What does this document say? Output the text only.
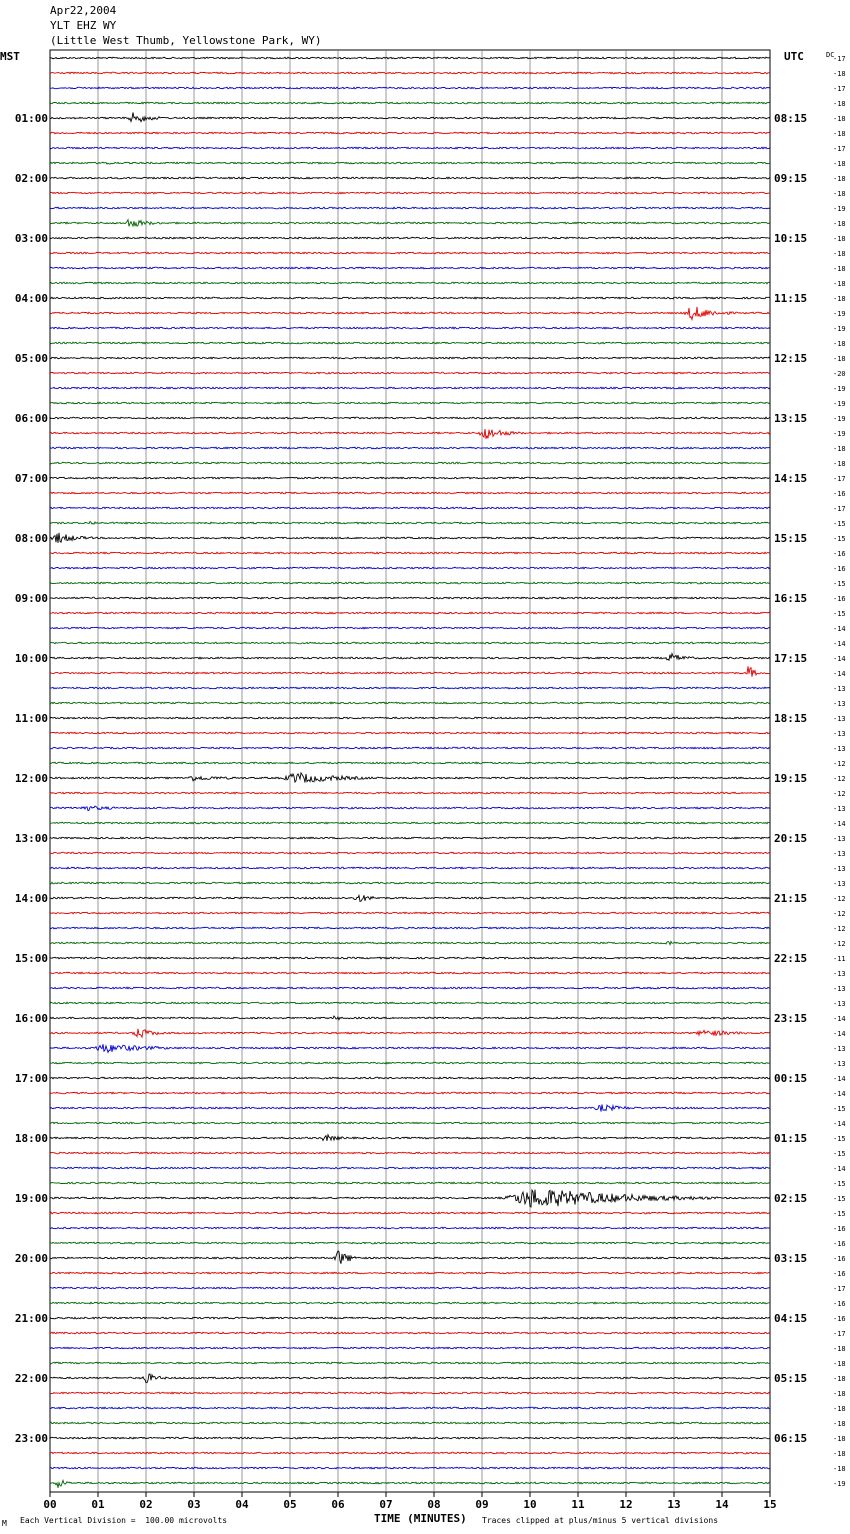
Apr22,2004
YLT EHZ WY
(Little West Thumb, Yellowstone Park, WY)
MST	UTC	-17
-18
-17
-18
-18
-18
-17
-18
-18
-18
-19
-18
-18
-18
-18
-18
-18
-19
-19
-18
-18
-20
-19
-19
-19
-19
-18
-18
-17
-16
-17
-15
-15
-16
-16
-15
-16
-15
-14
-14
-14
-14
-13
-13
-13
-13
-13
-12
-12
-12
-13
-14
-13
-13
-13
-13
-12
-12
-12
-12
-11
-13
-13
-13
-14
-14
-13
-13
-14
-14
-15
-14
-15
-15
-14
-15
-15
-15
-16
-16
-16
-16
-17
-16
-16
-17
-18
-18
-18
-18
-18
-18
-18
-18
-18
-19
DC
01:00
02:00
03:00
04:00
05:00
06:00
07:00
08:00
09:00
10:00
11:00
12:00
13:00
14:00
15:00
16:00
17:00
18:00
19:00
20:00
21:00
22:00
23:00
08:15
09:15
10:15
11:15
12:15
13:15
14:15
15:15
16:15
17:15
18:15
19:15
20:15
21:15
22:15
23:15
00:15
01:15
02:15
03:15
04:15
05:15
06:15
00	01	02	03	04	05	06	07	08	09	10	11	12	13	14	15
M Each Vertical Division =  100.00 microvolts	TIME (MINUTES) Traces clipped at plus/minus 5 vertical divisions
